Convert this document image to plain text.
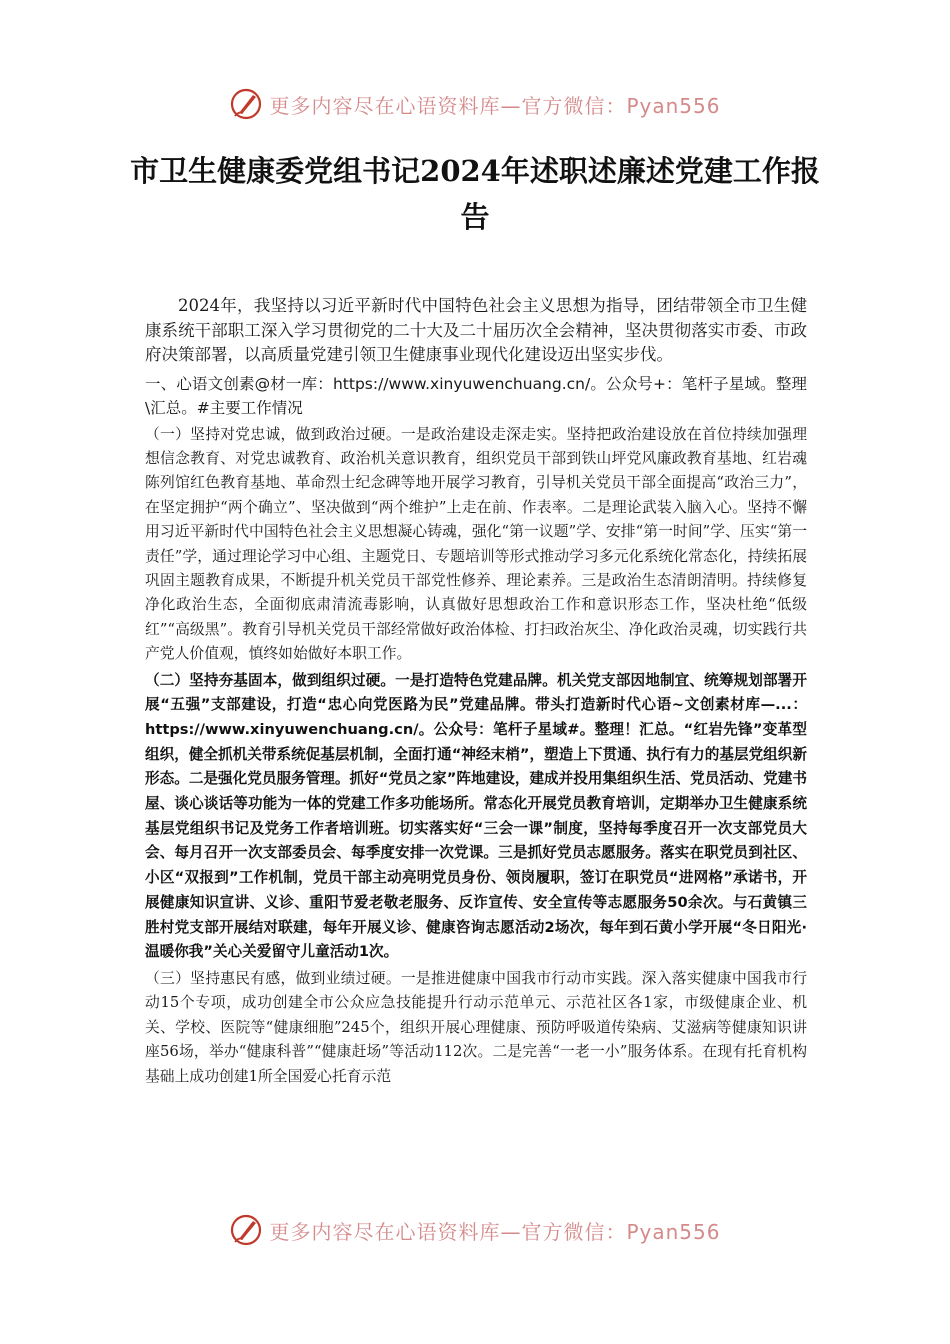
更多内容尽在心语资料库—官方微信：Pyan556
市卫生健康委党组书记2024年述职述廉述党建工作报告

2024年，我坚持以习近平新时代中国特色社会主义思想为指导，团结带领全市卫生健康系统干部职工深入学习贯彻党的二十大及二十届历次全会精神，坚决贯彻落实市委、市政府决策部署，以高质量党建引领卫生健康事业现代化建设迈出坚实步伐。

一、心语文创素@材一库：https://www.xinyuwenchuang.cn/。公众号+：笔杆子星域。整理\汇总。#主要工作情况

（一）坚持对党忠诚，做到政治过硬。一是政治建设走深走实。坚持把政治建设放在首位持续加强理想信念教育、对党忠诚教育、政治机关意识教育，组织党员干部到铁山坪党风廉政教育基地、红岩魂陈列馆红色教育基地、革命烈士纪念碑等地开展学习教育，引导机关党员干部全面提高“政治三力”，在坚定拥护“两个确立”、坚决做到“两个维护”上走在前、作表率。二是理论武装入脑入心。坚持不懈用习近平新时代中国特色社会主义思想凝心铸魂，强化“第一议题”学、安排“第一时间”学、压实“第一责任”学，通过理论学习中心组、主题党日、专题培训等形式推动学习多元化系统化常态化，持续拓展巩固主题教育成果，不断提升机关党员干部党性修养、理论素养。三是政治生态清朗清明。持续修复净化政治生态，全面彻底肃清流毒影响，认真做好思想政治工作和意识形态工作，坚决杜绝“低级红”“高级黑”。教育引导机关党员干部经常做好政治体检、打扫政治灰尘、净化政治灵魂，切实践行共产党人价值观，慎终如始做好本职工作。

（二）坚持夯基固本，做到组织过硬。一是打造特色党建品牌。机关党支部因地制宜、统筹规划部署开展“五强”支部建设，打造“忠心向党医路为民”党建品牌。带头打造新时代心语~文创素材库—...：https://www.xinyuwenchuang.cn/。公众号：笔杆子星域#。整理！汇总。“红岩先锋”变革型组织，健全抓机关带系统促基层机制，全面打通“神经末梢”，塑造上下贯通、执行有力的基层党组织新形态。二是强化党员服务管理。抓好“党员之家”阵地建设，建成并投用集组织生活、党员活动、党建书屋、谈心谈话等功能为一体的党建工作多功能场所。常态化开展党员教育培训，定期举办卫生健康系统基层党组织书记及党务工作者培训班。切实落实好“三会一课”制度，坚持每季度召开一次支部党员大会、每月召开一次支部委员会、每季度安排一次党课。三是抓好党员志愿服务。落实在职党员到社区、小区“双报到”工作机制，党员干部主动亮明党员身份、领岗履职，签订在职党员“进网格”承诺书，开展健康知识宣讲、义诊、重阳节爱老敬老服务、反诈宣传、安全宣传等志愿服务50余次。与石黄镇三胜村党支部开展结对联建，每年开展义诊、健康咨询志愿活动2场次，每年到石黄小学开展“冬日阳光·温暖你我”关心关爱留守儿童活动1次。

（三）坚持惠民有感，做到业绩过硬。一是推进健康中国我市行动市实践。深入落实健康中国我市行动15个专项，成功创建全市公众应急技能提升行动示范单元、示范社区各1家，市级健康企业、机关、学校、医院等“健康细胞”245个，组织开展心理健康、预防呼吸道传染病、艾滋病等健康知识讲座56场，举办“健康科普”“健康赶场”等活动112次。二是完善“一老一小”服务体系。在现有托育机构基础上成功创建1所全国爱心托育示范

更多内容尽在心语资料库—官方微信：Pyan556
